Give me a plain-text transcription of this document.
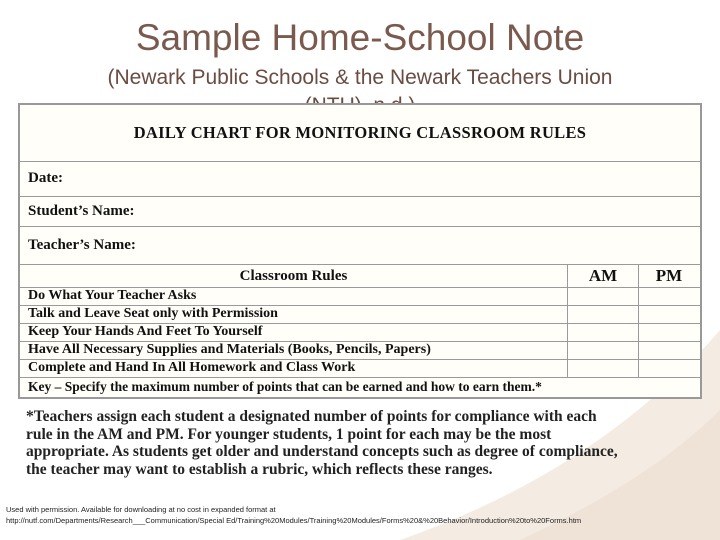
Sample Home-School Note
(Newark Public Schools & the Newark Teachers Union
DAILY CHART FOR MONITORING CLASSROOM RULES
Date:
Student’s Name:
Teacher’s Name:
Classroom Rules	AM	PM
Do What Your Teacher Asks
Talk and Leave Seat only with Permission
Keep Your Hands And Feet To Yourself
Have All Necessary Supplies and Materials (Books, Pencils, Papers)
Complete and Hand In All Homework and Class Work
Key – Specify the maximum number of points that can be earned and how to earn them.*
*Teachers assign each student a designated number of points for compliance with each
rule in the AM and PM. For younger students, 1 point for each may be the most
appropriate. As students get older and understand concepts such as degree of compliance,
the teacher may want to establish a rubric, which reflects these ranges.
Used with permission. Available for downloading at no cost in expanded format at
http://nutf.com/Departments/Research___Communication/Special Ed/Training%20Modules/Training%20Modules/Forms%20&%20Behavior/Introduction%20to%20Forms.htm
